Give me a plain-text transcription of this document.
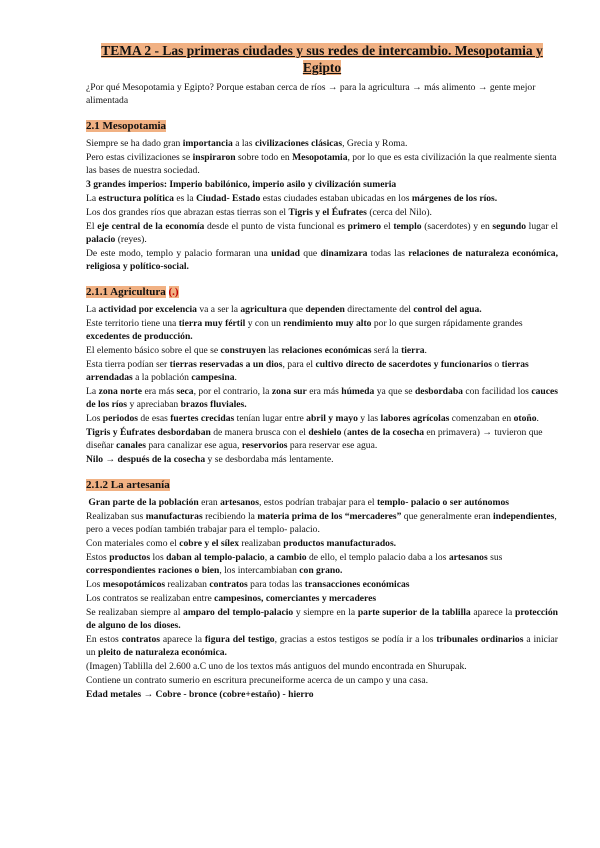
TEMA 2 - Las primeras ciudades y sus redes de intercambio. Mesopotamia y
Egipto

¿Por qué Mesopotamia y Egipto? Porque estaban cerca de ríos → para la agricultura → más alimento → gente mejor alimentada

2.1 Mesopotamia

Siempre se ha dado gran importancia a las civilizaciones clásicas, Grecia y Roma.

Pero estas civilizaciones se inspiraron sobre todo en Mesopotamia, por lo que es esta civilización la que realmente sienta las bases de nuestra sociedad.

3 grandes imperios: Imperio babilónico, imperio asilo y civilización sumeria

La estructura política es la Ciudad- Estado estas ciudades estaban ubicadas en los márgenes de los ríos.

Los dos grandes ríos que abrazan estas tierras son el Tigris y el Éufrates (cerca del Nilo).

El eje central de la economía desde el punto de vista funcional es primero el templo (sacerdotes) y en segundo lugar el palacio (reyes).

De este modo, templo y palacio formaran una unidad que dinamizara todas las relaciones de naturaleza económica, religiosa y político-social.

2.1.1 Agricultura (.)

La actividad por excelencia va a ser la agricultura que dependen directamente del control del agua.

Este territorio tiene una tierra muy fértil y con un rendimiento muy alto por lo que surgen rápidamente grandes excedentes de producción.

El elemento básico sobre el que se construyen las relaciones económicas será la tierra.

Esta tierra podían ser tierras reservadas a un dios, para el cultivo directo de sacerdotes y funcionarios o tierras arrendadas a la población campesina.

La zona norte era más seca, por el contrario, la zona sur era más húmeda ya que se desbordaba con facilidad los cauces de los ríos y apreciaban brazos fluviales.

Los periodos de esas fuertes crecidas tenían lugar entre abril y mayo y las labores agrícolas comenzaban en otoño.

Tigris y Éufrates desbordaban de manera brusca con el deshielo (antes de la cosecha en primavera) → tuvieron que diseñar canales para canalizar ese agua, reservorios para reservar ese agua.

Nilo → después de la cosecha y se desbordaba más lentamente.

2.1.2 La artesanía

Gran parte de la población eran artesanos, estos podrían trabajar para el templo- palacio o ser autónomos

Realizaban sus manufacturas recibiendo la materia prima de los “mercaderes” que generalmente eran independientes, pero a veces podían también trabajar para el templo- palacio.

Con materiales como el cobre y el sílex realizaban productos manufacturados.

Estos productos los daban al templo-palacio, a cambio de ello, el templo palacio daba a los artesanos sus correspondientes raciones o bien, los intercambiaban con grano.

Los mesopotámicos realizaban contratos para todas las transacciones económicas

Los contratos se realizaban entre campesinos, comerciantes y mercaderes

Se realizaban siempre al amparo del templo-palacio y siempre en la parte superior de la tablilla aparece la protección de alguno de los dioses.

En estos contratos aparece la figura del testigo, gracias a estos testigos se podía ir a los tribunales ordinarios a iniciar un pleito de naturaleza económica.

(Imagen) Tablilla del 2.600 a.C uno de los textos más antiguos del mundo encontrada en Shurupak.

Contiene un contrato sumerio en escritura precuneiforme acerca de un campo y una casa.

Edad metales → Cobre - bronce (cobre+estaño) - hierro
